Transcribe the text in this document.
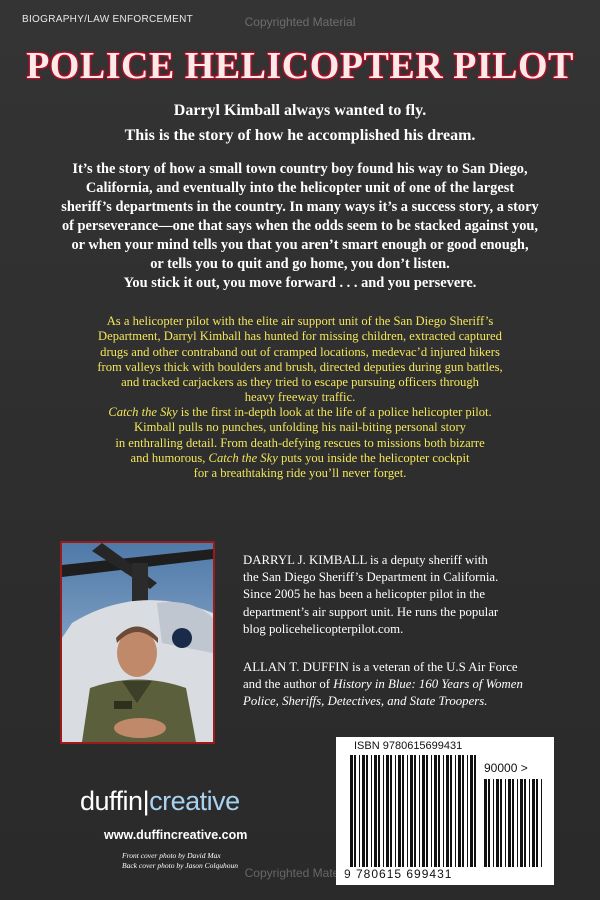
BIOGRAPHY/LAW ENFORCEMENT	Copyrighted Material
POLICE HELICOPTER PILOT
Darryl Kimball always wanted to fly.
This is the story of how he accomplished his dream.
It’s the story of how a small town country boy found his way to San Diego,
California, and eventually into the helicopter unit of one of the largest
sheriff’s departments in the country. In many ways it’s a success story, a story
of perseverance—one that says when the odds seem to be stacked against you,
or when your mind tells you that you aren’t smart enough or good enough,
or tells you to quit and go home, you don’t listen.
You stick it out, you move forward . . . and you persevere.
As a helicopter pilot with the elite air support unit of the San Diego Sheriff’s
Department, Darryl Kimball has hunted for missing children, extracted captured
drugs and other contraband out of cramped locations, medevac’d injured hikers
from valleys thick with boulders and brush, directed deputies during gun battles,
and tracked carjackers as they tried to escape pursuing officers through
heavy freeway traffic.
Catch the Sky is the first in-depth look at the life of a police helicopter pilot.
Kimball pulls no punches, unfolding his nail-biting personal story
in enthralling detail. From death-defying rescues to missions both bizarre
and humorous, Catch the Sky puts you inside the helicopter cockpit
for a breathtaking ride you’ll never forget.
DARRYL J. KIMBALL is a deputy sheriff with
the San Diego Sheriff’s Department in California.
Since 2005 he has been a helicopter pilot in the
department’s air support unit. He runs the popular
blog policehelicopterpilot.com.
ALLAN T. DUFFIN is a veteran of the U.S Air Force
and the author of History in Blue: 160 Years of Women
Police, Sheriffs, Detectives, and State Troopers.
duffin|creative
www.duffincreative.com
Front cover photo by David Max
Back cover photo by Jason Colquhoun
ISBN 9780615699431
90000 >
9 780615 699431
Copyrighted Material
